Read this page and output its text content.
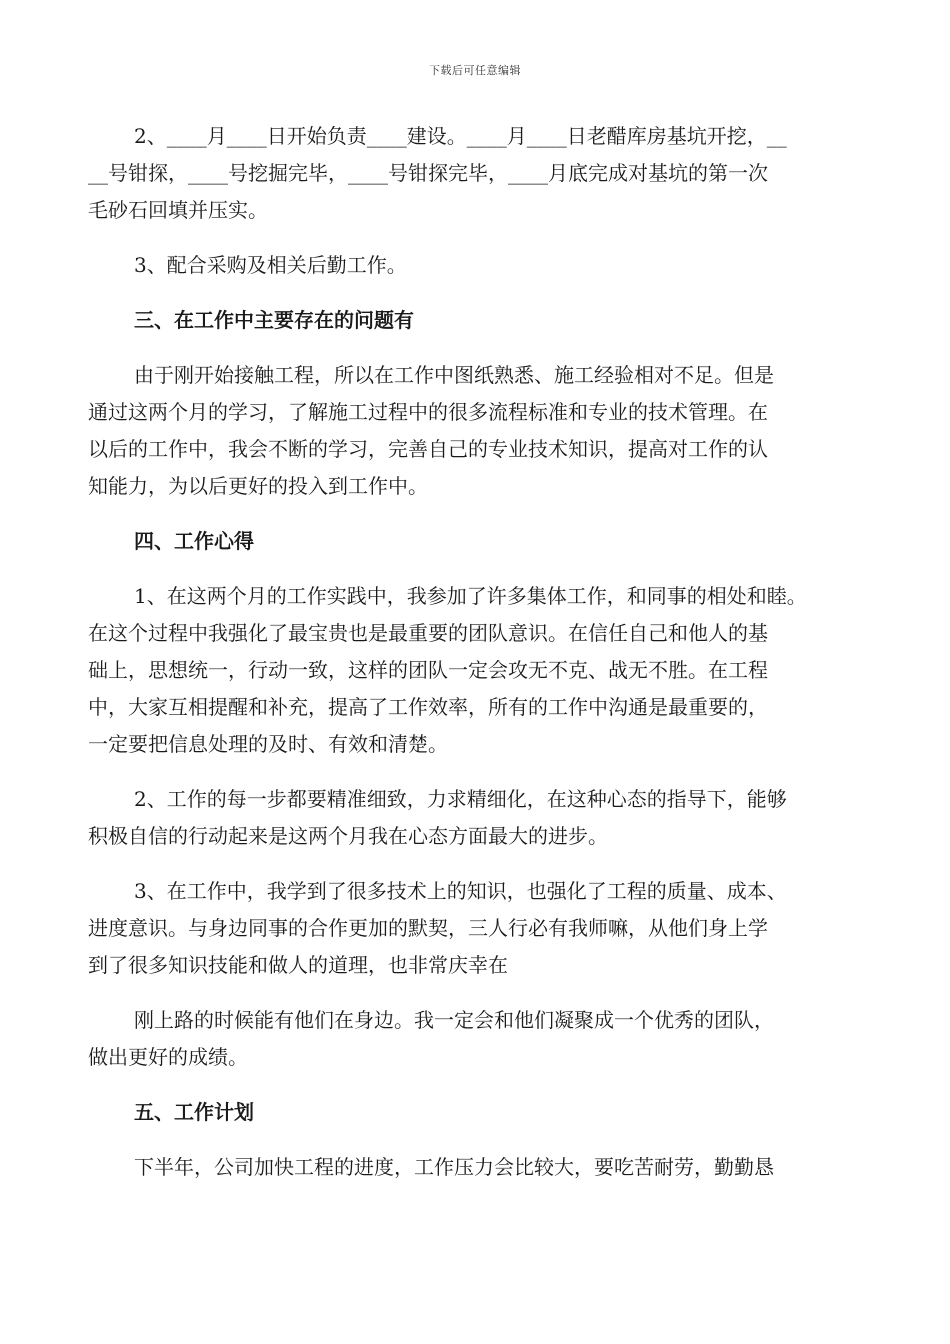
下载后可任意编辑
2、____月____日开始负责____建设。____月____日老醋库房基坑开挖，__
__号钳探，____号挖掘完毕，____号钳探完毕，____月底完成对基坑的第一次
毛砂石回填并压实。
3、配合采购及相关后勤工作。
三、在工作中主要存在的问题有
由于刚开始接触工程，所以在工作中图纸熟悉、施工经验相对不足。但是
通过这两个月的学习，了解施工过程中的很多流程标准和专业的技术管理。在
以后的工作中，我会不断的学习，完善自己的专业技术知识，提高对工作的认
知能力，为以后更好的投入到工作中。
四、工作心得
1、在这两个月的工作实践中，我参加了许多集体工作，和同事的相处和睦。
在这个过程中我强化了最宝贵也是最重要的团队意识。在信任自己和他人的基
础上，思想统一，行动一致，这样的团队一定会攻无不克、战无不胜。在工程
中，大家互相提醒和补充，提高了工作效率，所有的工作中沟通是最重要的，
一定要把信息处理的及时、有效和清楚。
2、工作的每一步都要精准细致，力求精细化，在这种心态的指导下，能够
积极自信的行动起来是这两个月我在心态方面最大的进步。
3、在工作中，我学到了很多技术上的知识，也强化了工程的质量、成本、
进度意识。与身边同事的合作更加的默契，三人行必有我师嘛，从他们身上学
到了很多知识技能和做人的道理，也非常庆幸在
刚上路的时候能有他们在身边。我一定会和他们凝聚成一个优秀的团队，
做出更好的成绩。
五、工作计划
下半年，公司加快工程的进度，工作压力会比较大，要吃苦耐劳，勤勤恳
